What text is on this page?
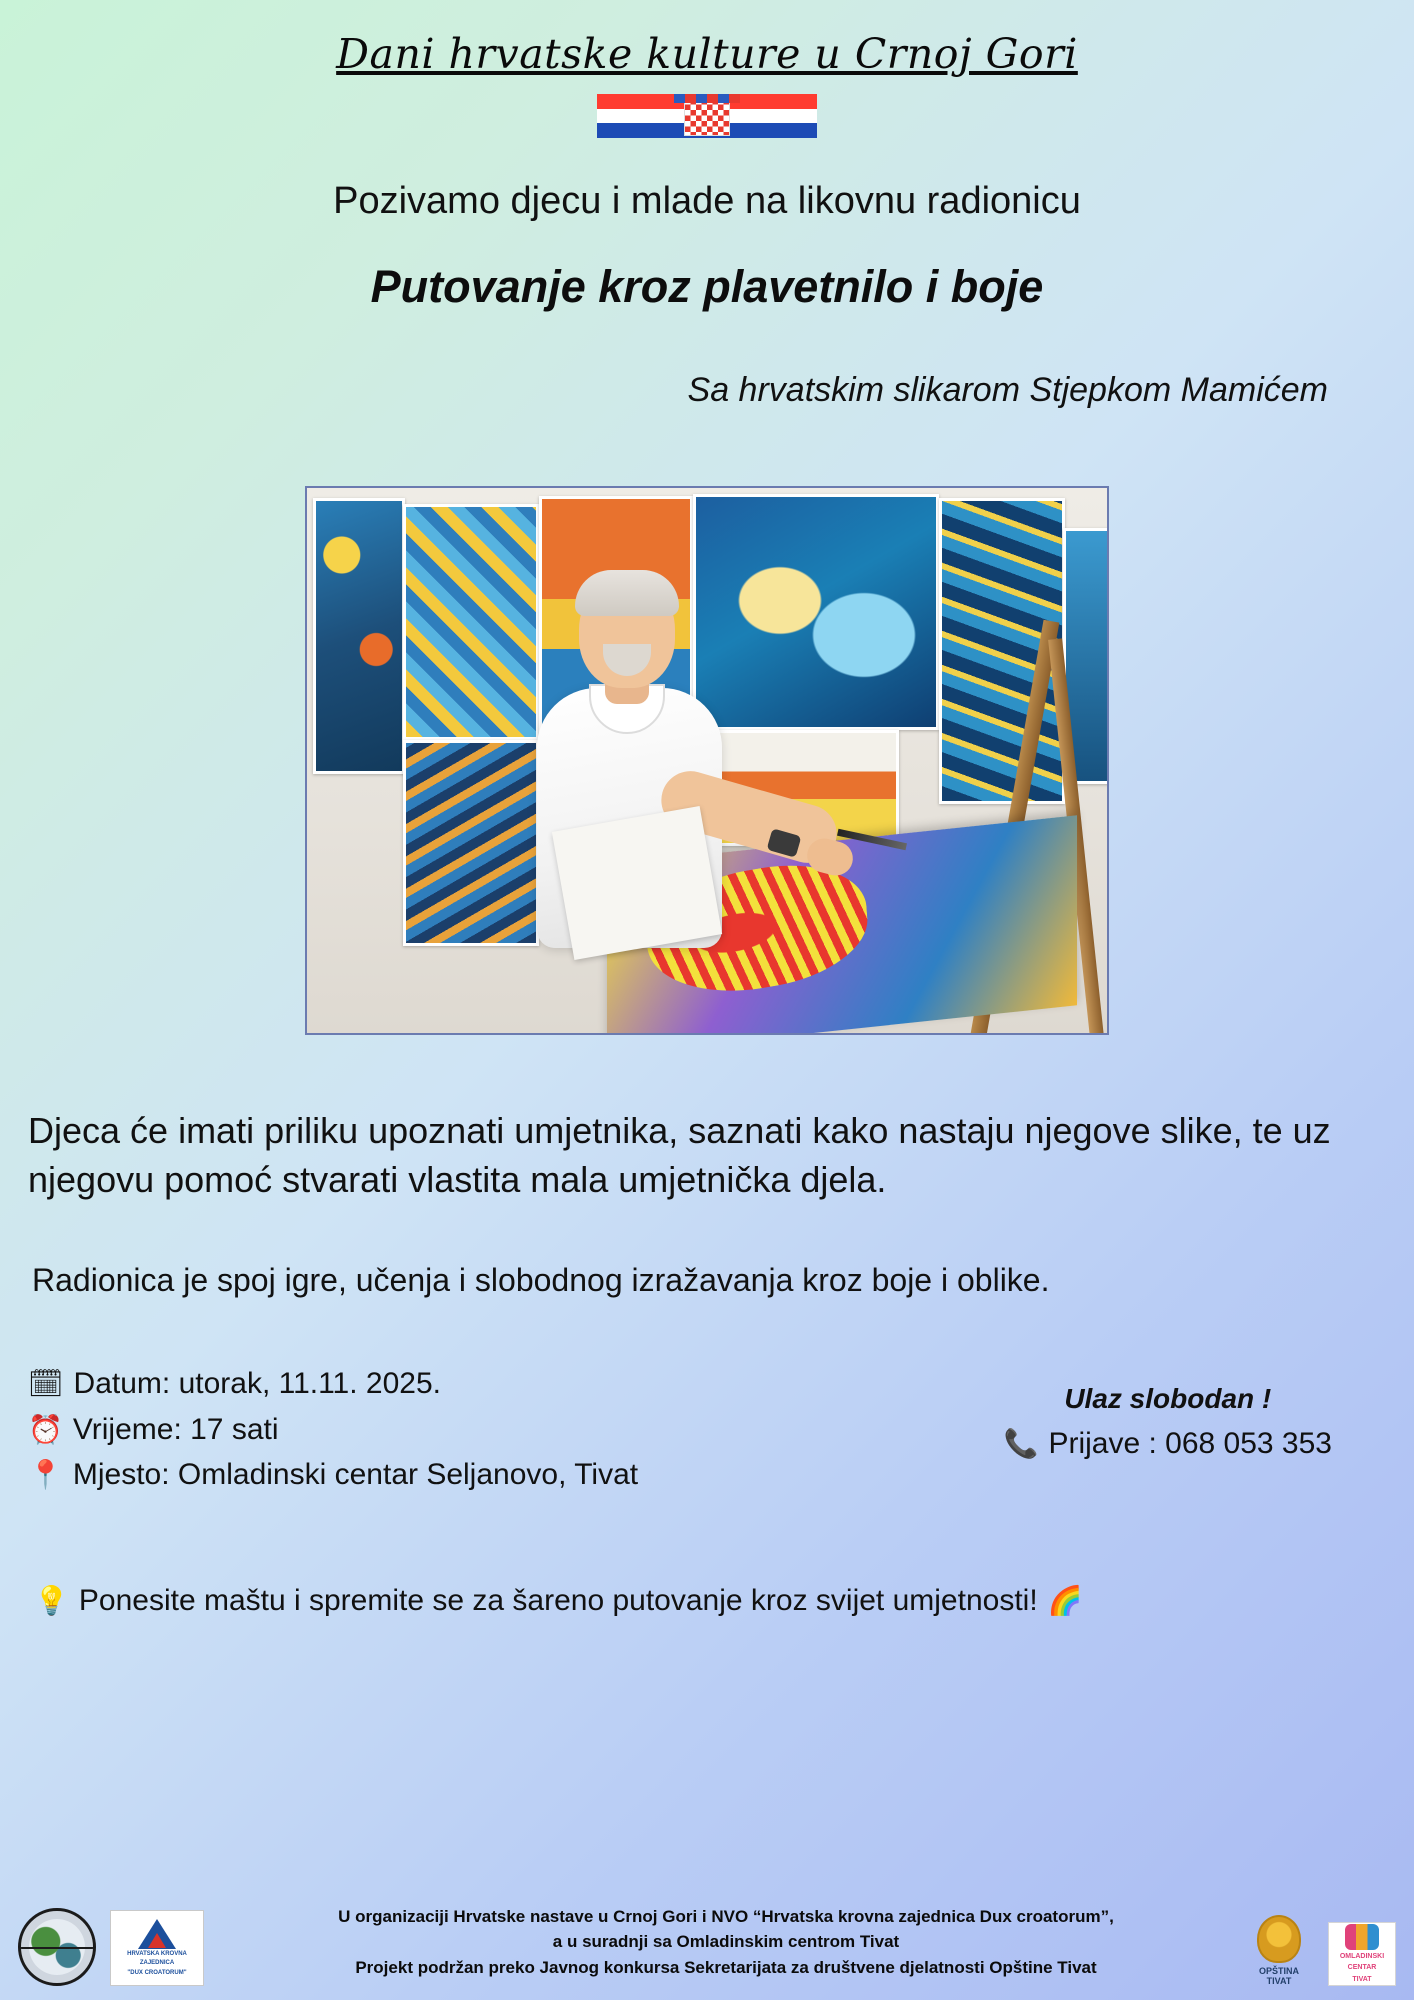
Dani hrvatske kulture u Crnoj Gori
Pozivamo djecu i mlade na likovnu radionicu
Putovanje kroz plavetnilo i boje
Sa hrvatskim slikarom Stjepkom Mamićem
Djeca će imati priliku upoznati umjetnika, saznati kako nastaju njegove slike, te uz njegovu pomoć stvarati vlastita mala umjetnička djela.
Radionica je spoj igre, učenja i slobodnog izražavanja kroz boje i oblike.
🗓 Datum: utorak, 11.11. 2025.
⏰ Vrijeme: 17 sati
📍 Mjesto: Omladinski centar Seljanovo, Tivat
Ulaz slobodan !
📞 Prijave : 068 053 353
💡 Ponesite maštu i spremite se za šareno putovanje kroz svijet umjetnosti! 🌈
HRVATSKA KROVNA
ZAJEDNICA
"DUX CROATORUM"
U organizaciji Hrvatske nastave u Crnoj Gori i NVO “Hrvatska krovna zajednica Dux croatorum”,
a u suradnji sa Omladinskim centrom Tivat
Projekt podržan preko Javnog konkursa Sekretarijata za društvene djelatnosti Opštine Tivat	OPŠTINA TIVAT
OMLADINSKI
CENTAR
TIVAT
